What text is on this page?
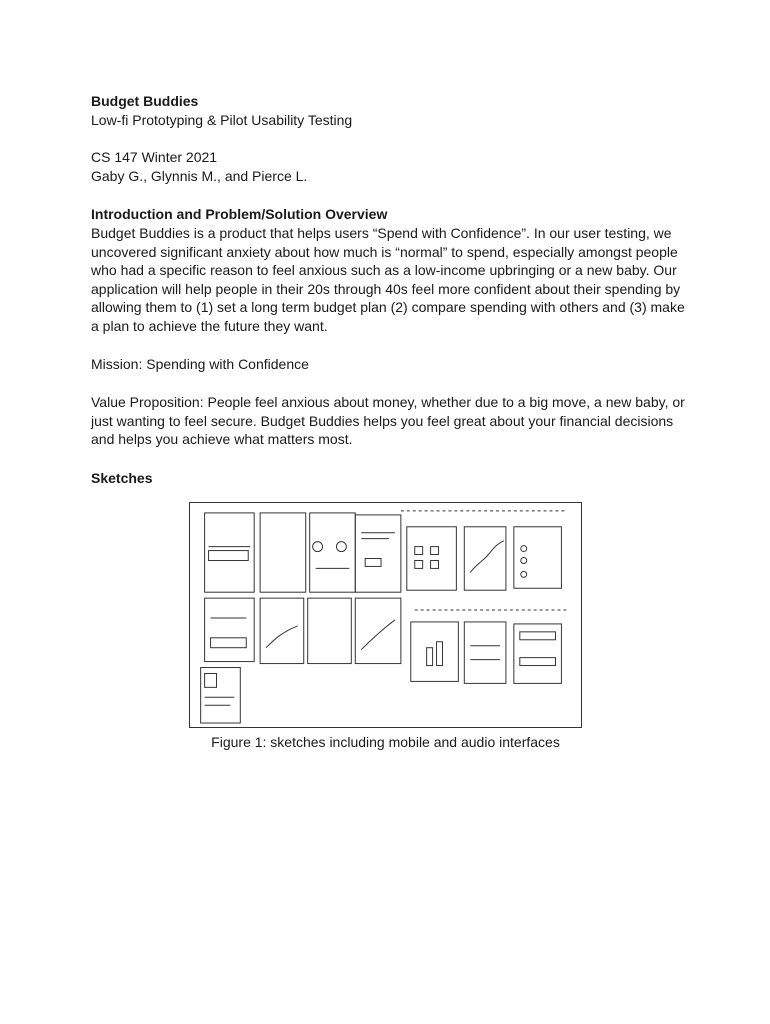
Budget Buddies
Low-fi Prototyping & Pilot Usability Testing
CS 147 Winter 2021
Gaby G., Glynnis M., and Pierce L.
Introduction and Problem/Solution Overview
Budget Buddies is a product that helps users “Spend with Confidence”. In our user testing, we uncovered significant anxiety about how much is “normal” to spend, especially amongst people who had a specific reason to feel anxious such as a low-income upbringing or a new baby. Our application will help people in their 20s through 40s feel more confident about their spending by allowing them to (1) set a long term budget plan (2) compare spending with others and (3) make a plan to achieve the future they want.
Mission: Spending with Confidence
Value Proposition: People feel anxious about money, whether due to a big move, a new baby, or just wanting to feel secure. Budget Buddies helps you feel great about your financial decisions and helps you achieve what matters most.
Sketches
Figure 1: sketches including mobile and audio interfaces
